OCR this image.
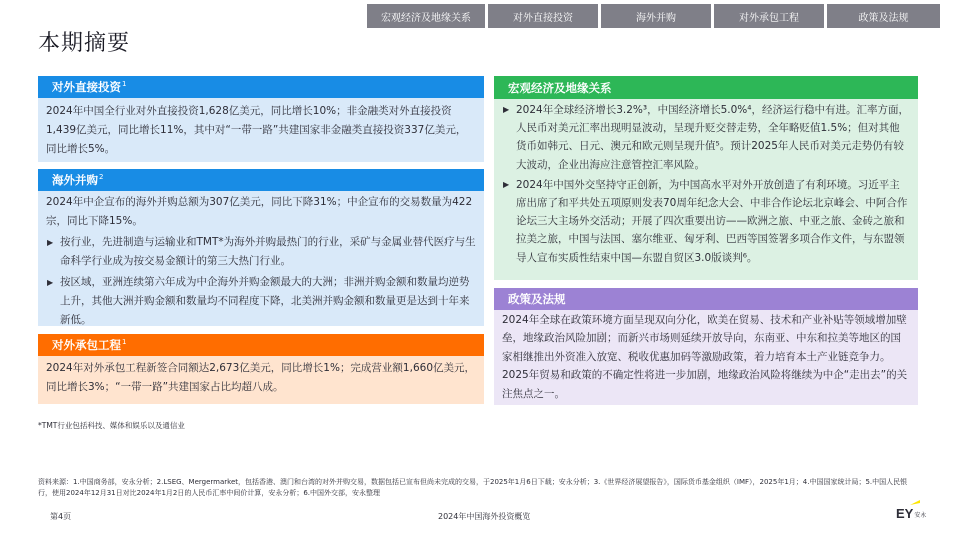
宏观经济及地缘关系	对外直接投资	海外并购	对外承包工程	政策及法规
本期摘要
对外直接投资$^1$
2024年中国全行业对外直接投资1,628亿美元，同比增长10%；非金融类对外直接投资1,439亿美元，同比增长11%，其中对“一带一路”共建国家非金融类直接投资337亿美元，同比增长5%。
海外并购$^2$
2024年中企宣布的海外并购总额为307亿美元，同比下降31%；中企宣布的交易数量为422宗，同比下降15%。
▶ 按行业，先进制造与运输业和TMT*为海外并购最热门的行业，采矿与金属业替代医疗与生命科学行业成为按交易金额计的第三大热门行业。
▶ 按区域，亚洲连续第六年成为中企海外并购金额最大的大洲；非洲并购金额和数量均逆势上升，其他大洲并购金额和数量均不同程度下降，北美洲并购金额和数量更是达到十年来新低。
对外承包工程$^1$
2024年对外承包工程新签合同额达2,673亿美元，同比增长1%；完成营业额1,660亿美元，同比增长3%；“一带一路”共建国家占比均超八成。
宏观经济及地缘关系
▶ 2024年全球经济增长3.2%³，中国经济增长5.0%⁴，经济运行稳中有进。汇率方面，人民币对美元汇率出现明显波动，呈现升贬交替走势，全年略贬值1.5%；但对其他货币如韩元、日元、澳元和欧元则呈现升值⁵。预计2025年人民币对美元走势仍有较大波动，企业出海应注意管控汇率风险。
▶ 2024年中国外交坚持守正创新，为中国高水平对外开放创造了有利环境。习近平主席出席了和平共处五项原则发表70周年纪念大会、中非合作论坛北京峰会、中阿合作论坛三大主场外交活动；开展了四次重要出访——欧洲之旅、中亚之旅、金砖之旅和拉美之旅，中国与法国、塞尔维亚、匈牙利、巴西等国签署多项合作文件，与东盟领导人宣布实质性结束中国—东盟自贸区3.0版谈判⁶。
政策及法规
2024年全球在政策环境方面呈现双向分化，欧美在贸易、技术和产业补贴等领域增加壁垒，地缘政治风险加剧；而新兴市场则延续开放导向，东南亚、中东和拉美等地区的国家相继推出外资准入放宽、税收优惠加码等激励政策，着力培育本土产业链竞争力。2025年贸易和政策的不确定性将进一步加剧，地缘政治风险将继续为中企“走出去”的关注焦点之一。
*TMT行业包括科技、媒体和娱乐以及通信业
资料来源：1.中国商务部，安永分析；2.LSEG、Mergermarket，包括香港、澳门和台湾的对外并购交易，数据包括已宣布但尚未完成的交易，于2025年1月6日下载；安永分析；3.《世界经济展望报告》，国际货币基金组织（IMF），2025年1月；4.中国国家统计局；5.中国人民银行，使用2024年12月31日对比2024年1月2日的人民币汇率中间价计算，安永分析；6.中国外交部，安永整理
第4页	2024年中国海外投资概览	EY 安永
